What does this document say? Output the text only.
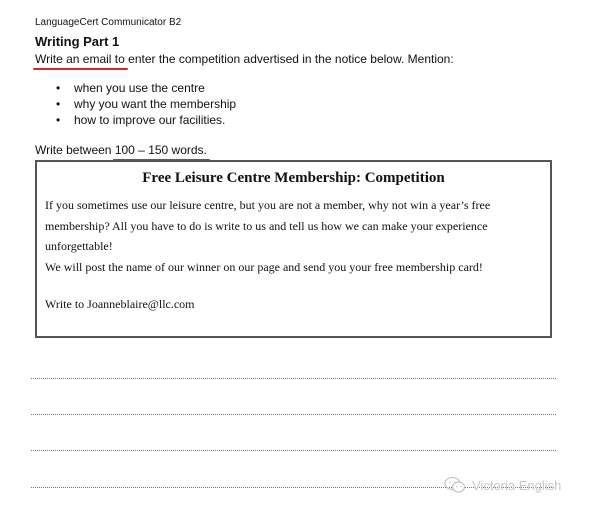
LanguageCert Communicator B2
Writing Part 1
Write an email to enter the competition advertised in the notice below. Mention:
• when you use the centre
• why you want the membership
• how to improve our facilities.
Write between 100 – 150 words.
Free Leisure Centre Membership: Competition

If you sometimes use our leisure centre, but you are not a member, why not win a year’s free membership? All you have to do is write to us and tell us how we can make your experience unforgettable!

We will post the name of our winner on our page and send you your free membership card!

Write to Joanneblaire@llc.com
Victoria English
